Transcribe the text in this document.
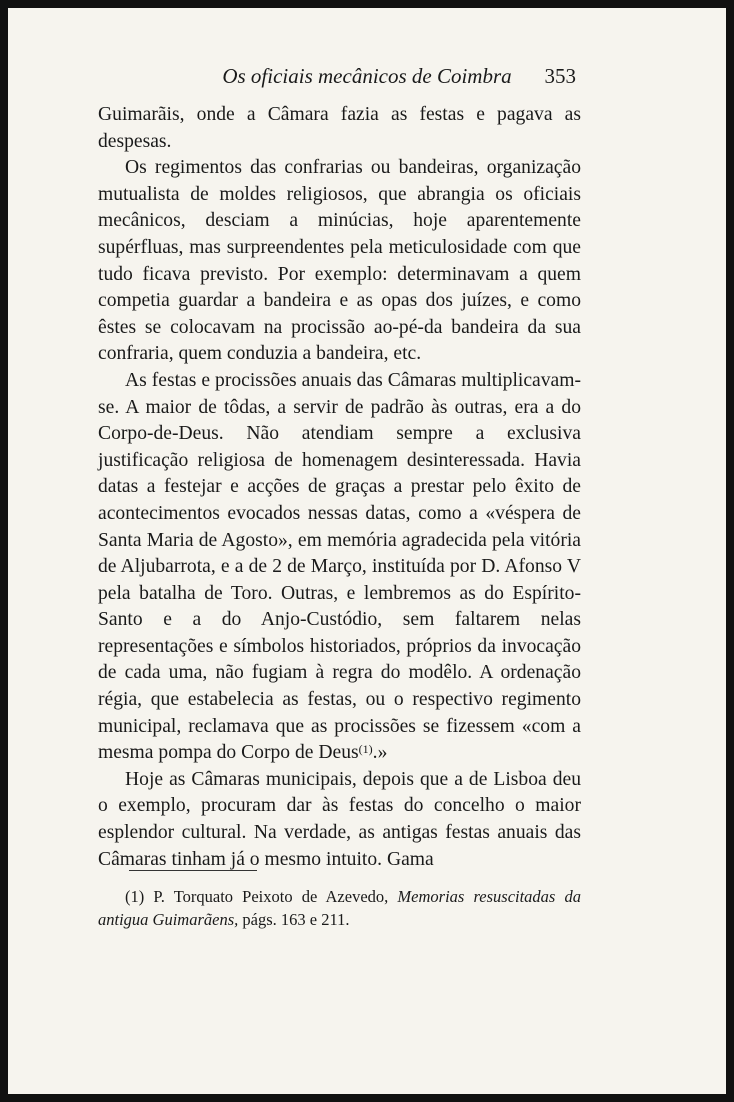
Os oficiais mecânicos de Coimbra	353

Guimarãis, onde a Câmara fazia as festas e pagava as despesas.

Os regimentos das confrarias ou bandeiras, organização mutualista de moldes religiosos, que abrangia os oficiais mecânicos, desciam a minúcias, hoje aparentemente supérfluas, mas surpreendentes pela meticulosidade com que tudo ficava previsto. Por exemplo: determinavam a quem competia guardar a bandeira e as opas dos juízes, e como êstes se colocavam na procissão ao-pé-da bandeira da sua confraria, quem conduzia a bandeira, etc.

As festas e procissões anuais das Câmaras multiplicavam-se. A maior de tôdas, a servir de padrão às outras, era a do Corpo-de-Deus. Não atendiam sempre a exclusiva justificação religiosa de homenagem desinteressada. Havia datas a festejar e acções de graças a prestar pelo êxito de acontecimentos evocados nessas datas, como a «véspera de Santa Maria de Agosto», em memória agradecida pela vitória de Aljubarrota, e a de 2 de Março, instituída por D. Afonso V pela batalha de Toro. Outras, e lembremos as do Espírito-Santo e a do Anjo-Custódio, sem faltarem nelas representações e símbolos historiados, próprios da invocação de cada uma, não fugiam à regra do modêlo. A ordenação régia, que estabelecia as festas, ou o respectivo regimento municipal, reclamava que as procissões se fizessem «com a mesma pompa do Corpo de Deus$^{(1)}$.»

Hoje as Câmaras municipais, depois que a de Lisboa deu o exemplo, procuram dar às festas do concelho o maior esplendor cultural. Na verdade, as antigas festas anuais das Câmaras tinham já o mesmo intuito. Gama

(1) P. Torquato Peixoto de Azevedo, Memorias resuscitadas da antigua Guimarãens, págs. 163 e 211.
